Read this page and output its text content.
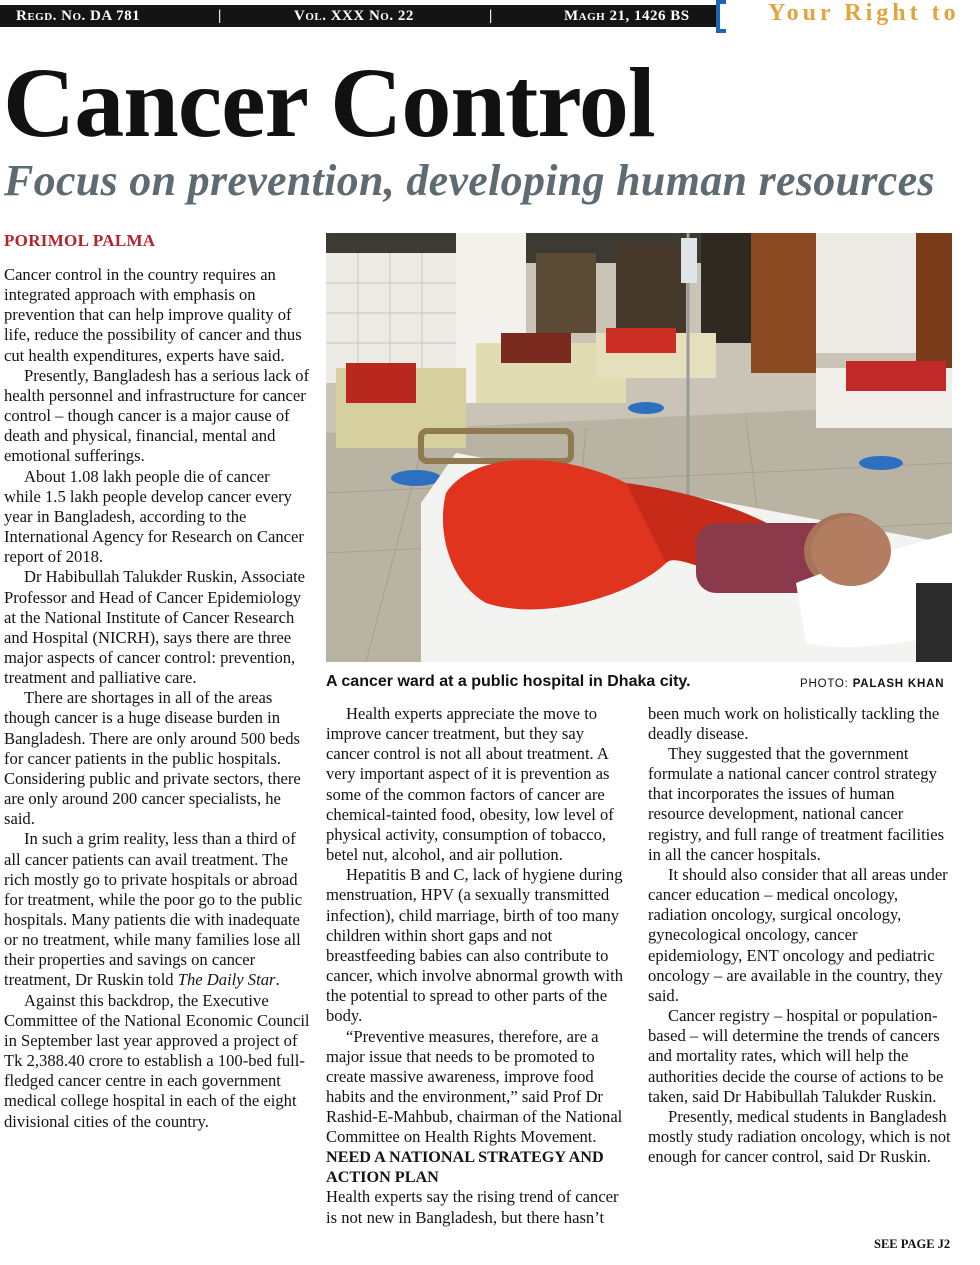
Regd. No. DA 781	|	Vol. XXX No. 22	|	Magh 21, 1426 BS	Your Right to
Cancer Control
Focus on prevention, developing human resources
PORIMOL PALMA

Cancer control in the country requires an integrated approach with emphasis on prevention that can help improve quality of life, reduce the possibility of cancer and thus cut health expenditures, experts have said.

Presently, Bangladesh has a serious lack of health personnel and infrastructure for cancer control – though cancer is a major cause of death and physical, financial, mental and emotional sufferings.

About 1.08 lakh people die of cancer while 1.5 lakh people develop cancer every year in Bangladesh, according to the International Agency for Research on Cancer report of 2018.

Dr Habibullah Talukder Ruskin, Associate Professor and Head of Cancer Epidemiology at the National Institute of Cancer Research and Hospital (NICRH), says there are three major aspects of cancer control: prevention, treatment and palliative care.

There are shortages in all of the areas though cancer is a huge disease burden in Bangladesh. There are only around 500 beds for cancer patients in the public hospitals. Considering public and private sectors, there are only around 200 cancer specialists, he said.

In such a grim reality, less than a third of all cancer patients can avail treatment. The rich mostly go to private hospitals or abroad for treatment, while the poor go to the public hospitals. Many patients die with inadequate or no treatment, while many families lose all their properties and savings on cancer treatment, Dr Ruskin told The Daily Star.

Against this backdrop, the Executive Committee of the National Economic Council in September last year approved a project of Tk 2,388.40 crore to establish a 100-bed full-fledged cancer centre in each government medical college hospital in each of the eight divisional cities of the country.

A cancer ward at a public hospital in Dhaka city.	PHOTO: PALASH KHAN

Health experts appreciate the move to improve cancer treatment, but they say cancer control is not all about treatment. A very important aspect of it is prevention as some of the common factors of cancer are chemical-tainted food, obesity, low level of physical activity, consumption of tobacco, betel nut, alcohol, and air pollution.

Hepatitis B and C, lack of hygiene during menstruation, HPV (a sexually transmitted infection), child marriage, birth of too many children within short gaps and not breastfeeding babies can also contribute to cancer, which involve abnormal growth with the potential to spread to other parts of the body.

“Preventive measures, therefore, are a major issue that needs to be promoted to create massive awareness, improve food habits and the environment,” said Prof Dr Rashid-E-Mahbub, chairman of the National Committee on Health Rights Movement.

NEED A NATIONAL STRATEGY AND ACTION PLAN

Health experts say the rising trend of cancer is not new in Bangladesh, but there hasn’t

been much work on holistically tackling the deadly disease.

They suggested that the government formulate a national cancer control strategy that incorporates the issues of human resource development, national cancer registry, and full range of treatment facilities in all the cancer hospitals.

It should also consider that all areas under cancer education – medical oncology, radiation oncology, surgical oncology, gynecological oncology, cancer epidemiology, ENT oncology and pediatric oncology – are available in the country, they said.

Cancer registry – hospital or population-based – will determine the trends of cancers and mortality rates, which will help the authorities decide the course of actions to be taken, said Dr Habibullah Talukder Ruskin.

Presently, medical students in Bangladesh mostly study radiation oncology, which is not enough for cancer control, said Dr Ruskin.

SEE PAGE J2
